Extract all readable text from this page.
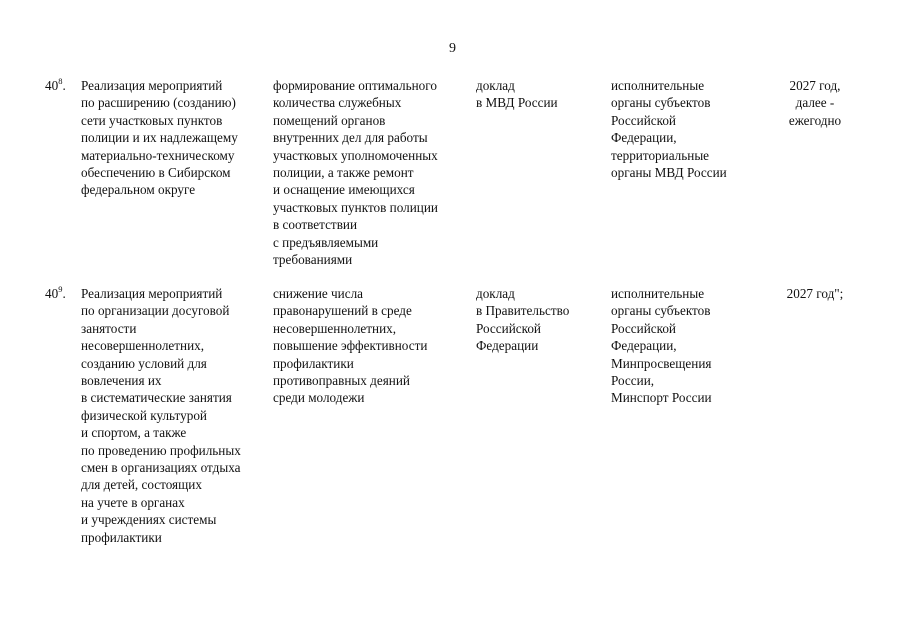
9
$40^8$. Реализация мероприятий
по расширению (созданию)
сети участковых пунктов
полиции и их надлежащему
материально-техническому
обеспечению в Сибирском
федеральном округе
формирование оптимального
количества служебных
помещений органов
внутренних дел для работы
участковых уполномоченных
полиции, а также ремонт
и оснащение имеющихся
участковых пунктов полиции
в соответствии
с предъявляемыми
требованиями
доклад
в МВД России
исполнительные
органы субъектов
Российской
Федерации,
территориальные
органы МВД России
2027 год,
далее -
ежегодно
$40^9$. Реализация мероприятий
по организации досуговой
занятости
несовершеннолетних,
созданию условий для
вовлечения их
в систематические занятия
физической культурой
и спортом, а также
по проведению профильных
смен в организациях отдыха
для детей, состоящих
на учете в органах
и учреждениях системы
профилактики
снижение числа
правонарушений в среде
несовершеннолетних,
повышение эффективности
профилактики
противоправных деяний
среди молодежи
доклад
в Правительство
Российской
Федерации
исполнительные
органы субъектов
Российской
Федерации,
Минпросвещения
России,
Минспорт России
2027 год";
